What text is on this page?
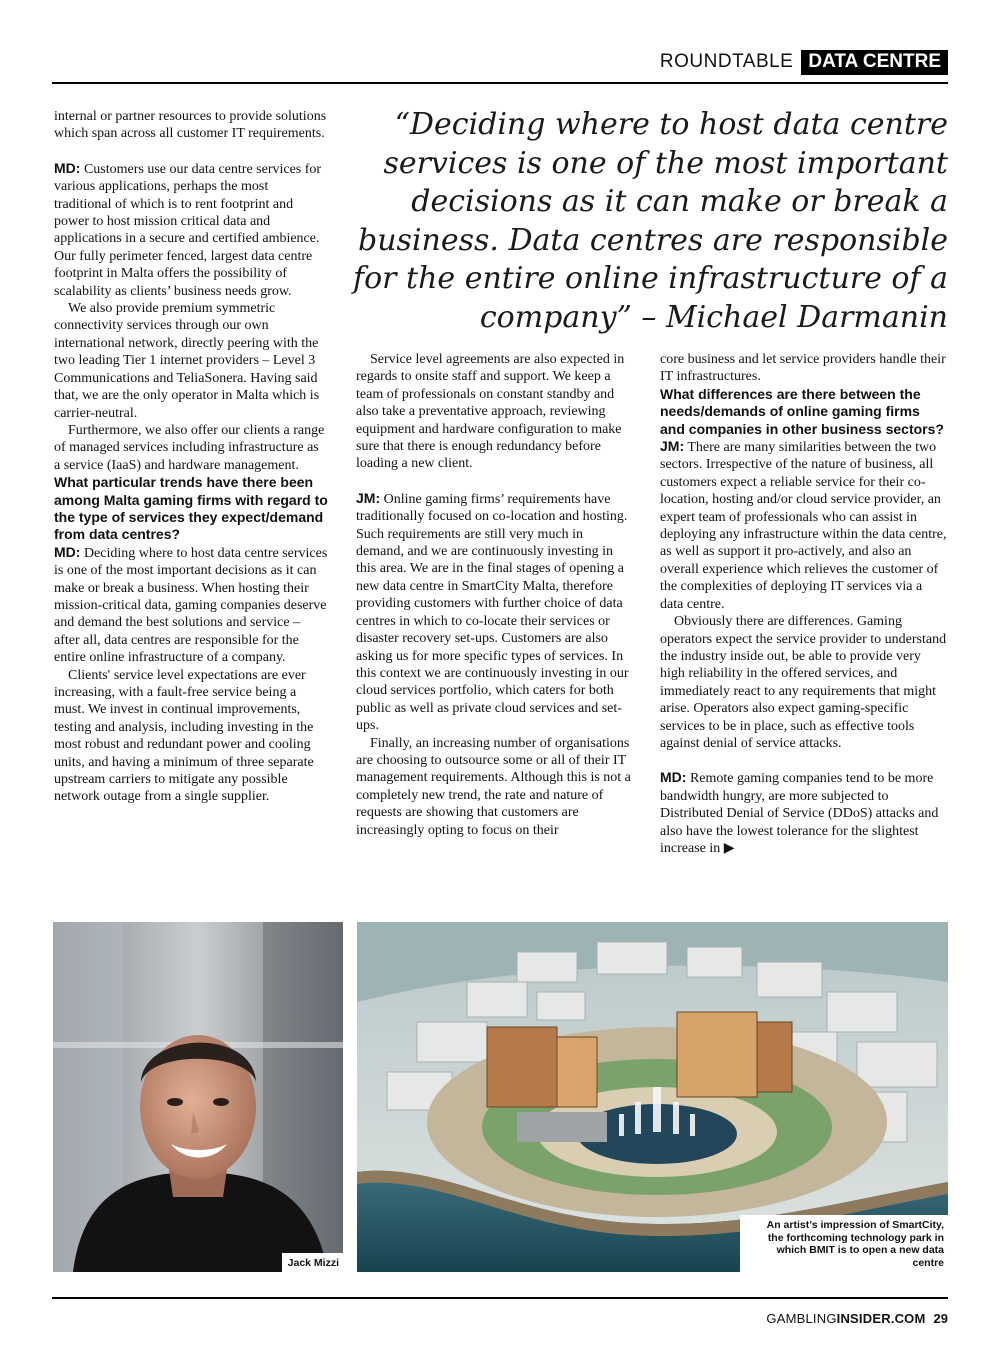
ROUNDTABLE DATA CENTRE

internal or partner resources to provide solutions which span across all customer IT requirements.

MD: Customers use our data centre services for various applications, perhaps the most traditional of which is to rent footprint and power to host mission critical data and applications in a secure and certified ambience. Our fully perimeter fenced, largest data centre footprint in Malta offers the possibility of scalability as clients’ business needs grow.

We also provide premium symmetric connectivity services through our own international network, directly peering with the two leading Tier 1 internet providers – Level 3 Communications and TeliaSonera. Having said that, we are the only operator in Malta which is carrier-neutral.

Furthermore, we also offer our clients a range of managed services including infrastructure as a service (IaaS) and hardware management.

What particular trends have there been among Malta gaming firms with regard to the type of services they expect/demand from data centres?

MD: Deciding where to host data centre services is one of the most important decisions as it can make or break a business. When hosting their mission-critical data, gaming companies deserve and demand the best solutions and service – after all, data centres are responsible for the entire online infrastructure of a company.

Clients' service level expectations are ever increasing, with a fault-free service being a must. We invest in continual improvements, testing and analysis, including investing in the most robust and redundant power and cooling units, and having a minimum of three separate upstream carriers to mitigate any possible network outage from a single supplier.

“Deciding where to host data centre services is one of the most important decisions as it can make or break a business. Data centres are responsible for the entire online infrastructure of a company” – Michael Darmanin

Service level agreements are also expected in regards to onsite staff and support. We keep a team of professionals on constant standby and also take a preventative approach, reviewing equipment and hardware configuration to make sure that there is enough redundancy before loading a new client.

JM: Online gaming firms’ requirements have traditionally focused on co-location and hosting. Such requirements are still very much in demand, and we are continuously investing in this area. We are in the final stages of opening a new data centre in SmartCity Malta, therefore providing customers with further choice of data centres in which to co-locate their services or disaster recovery set-ups. Customers are also asking us for more specific types of services. In this context we are continuously investing in our cloud services portfolio, which caters for both public as well as private cloud services and set-ups.

Finally, an increasing number of organisations are choosing to outsource some or all of their IT management requirements. Although this is not a completely new trend, the rate and nature of requests are showing that customers are increasingly opting to focus on their

core business and let service providers handle their IT infrastructures.

What differences are there between the needs/demands of online gaming firms and companies in other business sectors?

JM: There are many similarities between the two sectors. Irrespective of the nature of business, all customers expect a reliable service for their co-location, hosting and/or cloud service provider, an expert team of professionals who can assist in deploying any infrastructure within the data centre, as well as support it pro-actively, and also an overall experience which relieves the customer of the complexities of deploying IT services via a data centre.

Obviously there are differences. Gaming operators expect the service provider to understand the industry inside out, be able to provide very high reliability in the offered services, and immediately react to any requirements that might arise. Operators also expect gaming-specific services to be in place, such as effective tools against denial of service attacks.

MD: Remote gaming companies tend to be more bandwidth hungry, are more subjected to Distributed Denial of Service (DDoS) attacks and also have the lowest tolerance for the slightest increase in ▶

Jack Mizzi
An artist’s impression of SmartCity, the forthcoming technology park in which BMIT is to open a new data centre
GAMBLINGINSIDER.COM 29
